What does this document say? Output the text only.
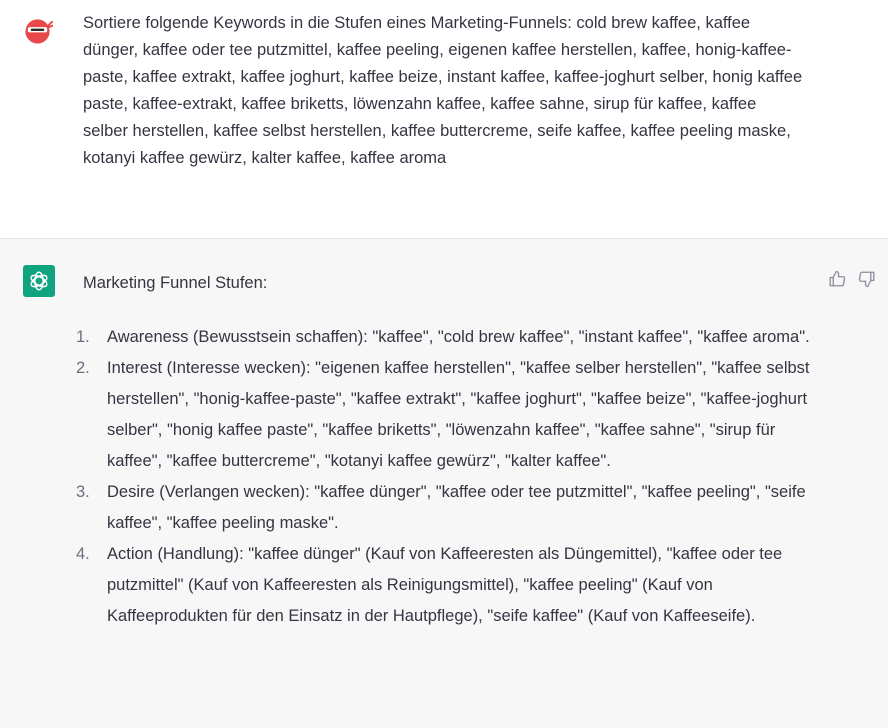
Sortiere folgende Keywords in die Stufen eines Marketing-Funnels: cold brew kaffee, kaffee dünger, kaffee oder tee putzmittel, kaffee peeling, eigenen kaffee herstellen, kaffee, honig-kaffee-paste, kaffee extrakt, kaffee joghurt, kaffee beize, instant kaffee, kaffee-joghurt selber, honig kaffee paste, kaffee-extrakt, kaffee briketts, löwenzahn kaffee, kaffee sahne, sirup für kaffee, kaffee selber herstellen, kaffee selbst herstellen, kaffee buttercreme, seife kaffee, kaffee peeling maske, kotanyi kaffee gewürz, kalter kaffee, kaffee aroma

Marketing Funnel Stufen:

1. Awareness (Bewusstsein schaffen): "kaffee", "cold brew kaffee", "instant kaffee", "kaffee aroma".
2. Interest (Interesse wecken): "eigenen kaffee herstellen", "kaffee selber herstellen", "kaffee selbst herstellen", "honig-kaffee-paste", "kaffee extrakt", "kaffee joghurt", "kaffee beize", "kaffee-joghurt selber", "honig kaffee paste", "kaffee briketts", "löwenzahn kaffee", "kaffee sahne", "sirup für kaffee", "kaffee buttercreme", "kotanyi kaffee gewürz", "kalter kaffee".
3. Desire (Verlangen wecken): "kaffee dünger", "kaffee oder tee putzmittel", "kaffee peeling", "seife kaffee", "kaffee peeling maske".
4. Action (Handlung): "kaffee dünger" (Kauf von Kaffeeresten als Düngemittel), "kaffee oder tee putzmittel" (Kauf von Kaffeeresten als Reinigungsmittel), "kaffee peeling" (Kauf von Kaffeeprodukten für den Einsatz in der Hautpflege), "seife kaffee" (Kauf von Kaffeeseife).
